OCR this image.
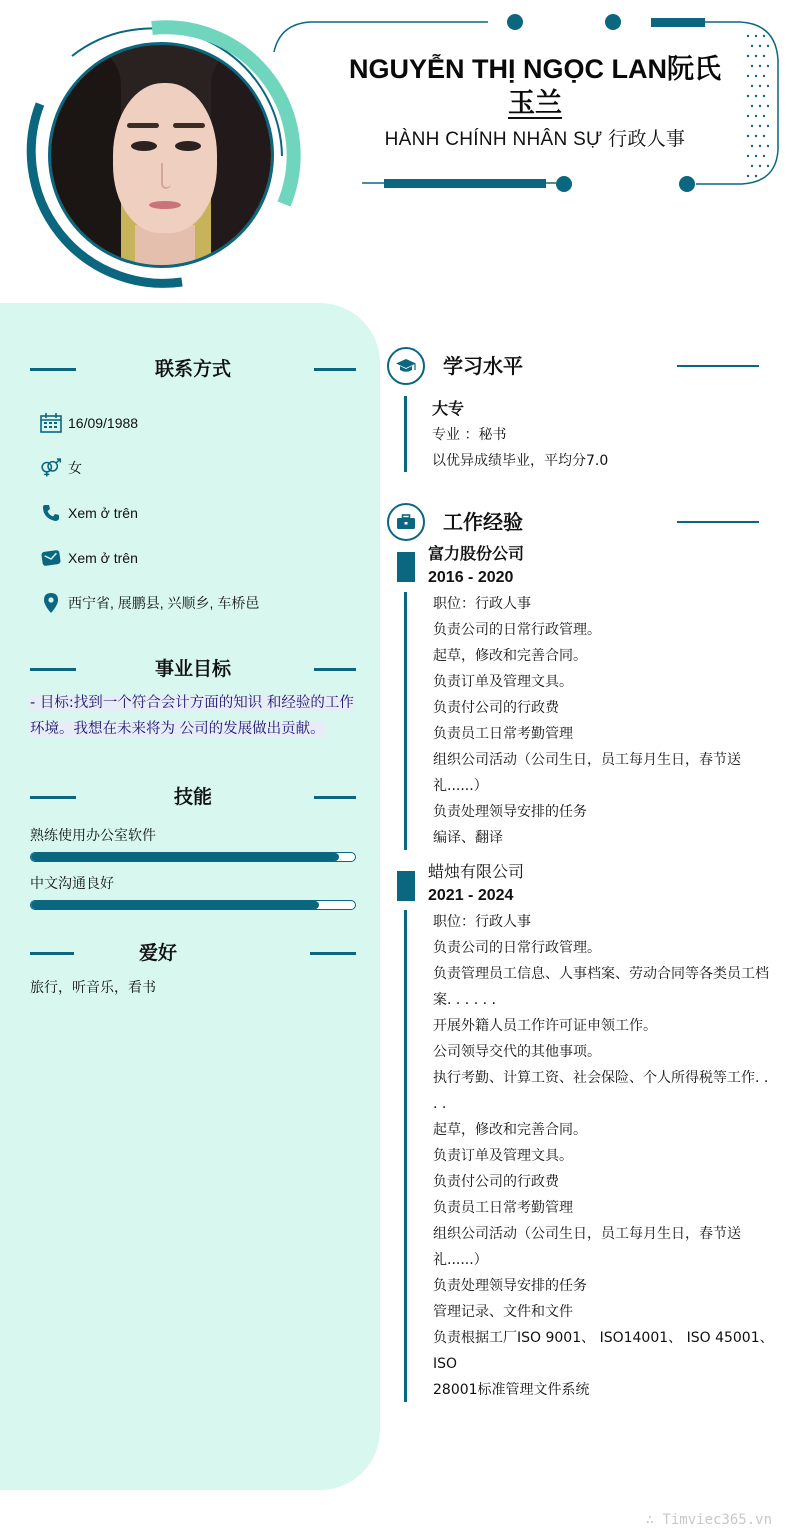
NGUYỄN THỊ NGỌC LAN阮氏
玉兰
HÀNH CHÍNH NHÂN SỰ 行政人事
联系方式
16/09/1988
女
Xem ở trên
Xem ở trên
西宁省, 展鹏县, 兴顺乡, 车桥邑
事业目标
- 目标:找到一个符合会计方面的知识 和经验的工作环境。我想在未来将为 公司的发展做出贡献。
技能
熟练使用办公室软件
中文沟通良好
爱好
旅行，听音乐，看书
学习水平
大专
专业 ：秘书
以优异成绩毕业，平均分7.0
工作经验
富力股份公司
2016 - 2020
职位：行政人事
负责公司的日常行政管理。
起草，修改和完善合同。
负责订单及管理文具。
负责付公司的行政费
负责员工日常考勤管理
组织公司活动（公司生日，员工每月生日，春节送礼......）
负责处理领导安排的任务
编译、翻译
蜡烛有限公司
2021 - 2024
职位：行政人事
负责公司的日常行政管理。
负责管理员工信息、人事档案、劳动合同等各类员工档案. . . . . .
开展外籍人员工作许可证申领工作。
公司领导交代的其他事项。
执行考勤、计算工资、社会保险、个人所得税等工作. . . .
起草，修改和完善合同。
负责订单及管理文具。
负责付公司的行政费
负责员工日常考勤管理
组织公司活动（公司生日，员工每月生日，春节送礼......）
负责处理领导安排的任务
管理记录、文件和文件
负责根据工厂ISO 9001、 ISO14001、 ISO 45001、ISO
28001标准管理文件系统
∴ Timviec365.vn
